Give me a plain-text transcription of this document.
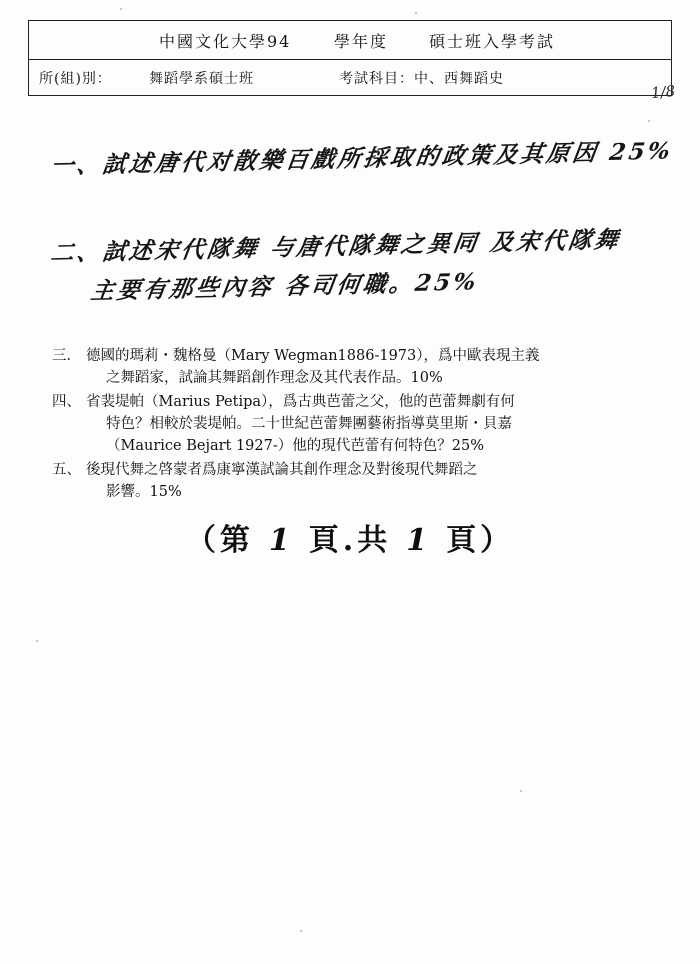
中國文化大學94	學年度	碩士班入學考試
所(組)別：	舞蹈學系碩士班	考試科目：中、西舞蹈史
1/8
一、試述唐代对散樂百戲所採取的政策及其原因 25%
二、試述宋代隊舞 与唐代隊舞之異同 及宋代隊舞
主要有那些內容 各司何職。25%
三． 德國的瑪莉・魏格曼（Mary Wegman1886-1973），爲中歐表現主義
之舞蹈家，試論其舞蹈創作理念及其代表作品。10%
四、 省裴堤帕（Marius Petipa），爲古典芭蕾之父，他的芭蕾舞劇有何
特色？相較於裴堤帕。二十世紀芭蕾舞團藝術指導莫里斯・貝嘉
（Maurice Bejart 1927-）他的現代芭蕾有何特色？25%
五、 後現代舞之啓蒙者爲康寧漢試論其創作理念及對後現代舞蹈之
影響。15%
（第 1 頁.共 1 頁）
